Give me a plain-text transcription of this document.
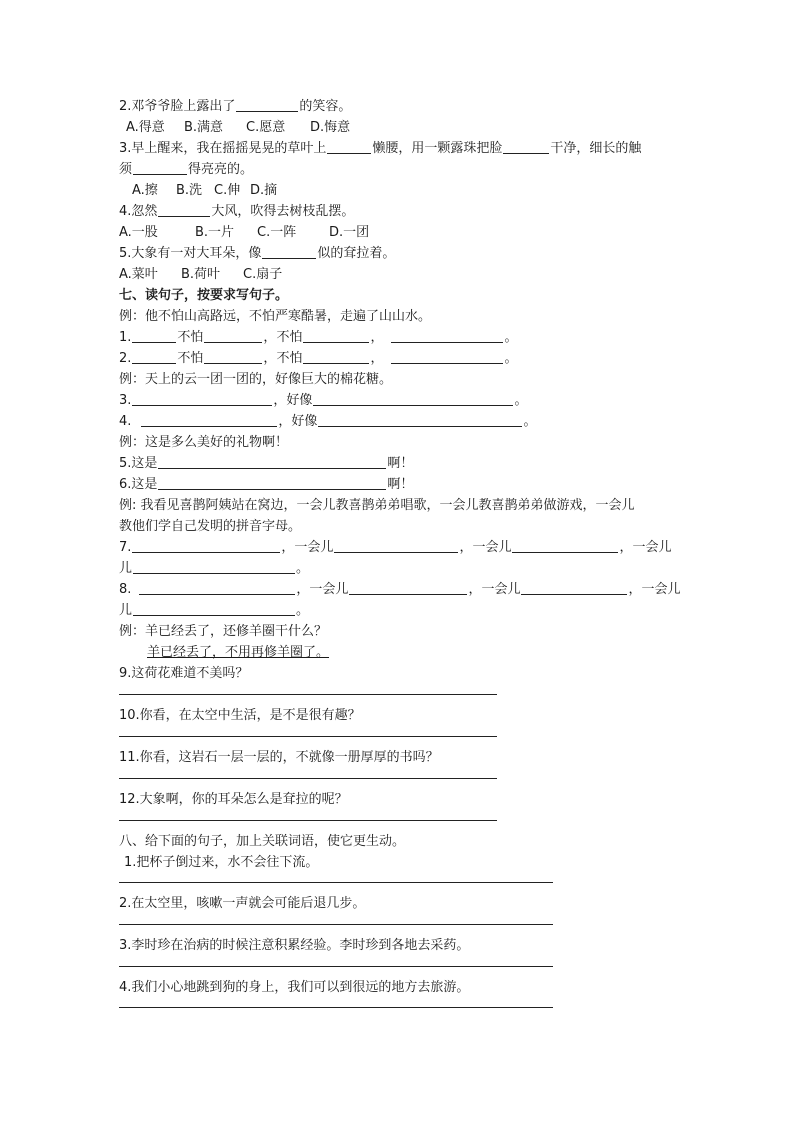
2.邓爷爷脸上露出了	的笑容。
A.得意 B.满意 C.愿意 D.悔意
3.早上醒来，我在摇摇晃晃的草叶上	懒腰，用一颗露珠把脸	干净，细长的触
须	得亮亮的。
A.擦 B.洗 C.伸 D.摘
4.忽然	大风，吹得去树枝乱摆。
A.一股	B.一片 C.一阵	D.一团
5.大象有一对大耳朵，像	似的耷拉着。
A.菜叶 B.荷叶 C.扇子
七、读句子，按要求写句子。
例：他不怕山高路远，不怕严寒酷暑，走遍了山山水。
1.	不怕	，不怕	，	。
2.	不怕	，不怕	，	。
例：天上的云一团一团的，好像巨大的棉花糖。
3.	，好像	。
4.	，好像	。
例：这是多么美好的礼物啊！
5.这是	啊！
6.这是	啊！
例: 我看见喜鹊阿姨站在窝边，一会儿教喜鹊弟弟唱歌，一会儿教喜鹊弟弟做游戏，一会儿
教他们学自己发明的拼音字母。
7.	，一会儿	，一会儿	，一会儿
儿	。
8.	，一会儿	，一会儿	，一会儿
儿	。
例：羊已经丢了，还修羊圈干什么？
羊已经丢了，不用再修羊圈了。
9.这荷花难道不美吗？
10.你看，在太空中生活，是不是很有趣？
11.你看，这岩石一层一层的，不就像一册厚厚的书吗？
12.大象啊，你的耳朵怎么是耷拉的呢？
八、给下面的句子，加上关联词语，使它更生动。
1.把杯子倒过来，水不会往下流。
2.在太空里，咳嗽一声就会可能后退几步。
3.李时珍在治病的时候注意积累经验。李时珍到各地去采药。
4.我们小心地跳到狗的身上，我们可以到很远的地方去旅游。
